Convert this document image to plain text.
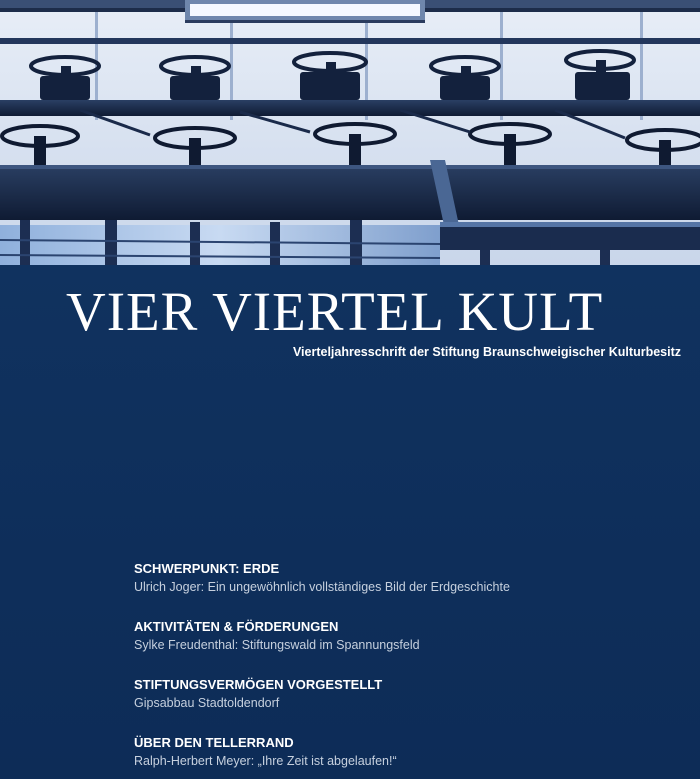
VIER VIERTEL KULT

Vierteljahresschrift der Stiftung Braunschweigischer Kulturbesitz

SCHWERPUNKT: ERDE
Ulrich Joger: Ein ungewöhnlich vollständiges Bild der Erdgeschichte
AKTIVITÄTEN & FÖRDERUNGEN
Sylke Freudenthal: Stiftungswald im Spannungsfeld
STIFTUNGSVERMÖGEN VORGESTELLT
Gipsabbau Stadtoldendorf
ÜBER DEN TELLERRAND
Ralph-Herbert Meyer: „Ihre Zeit ist abgelaufen!“
